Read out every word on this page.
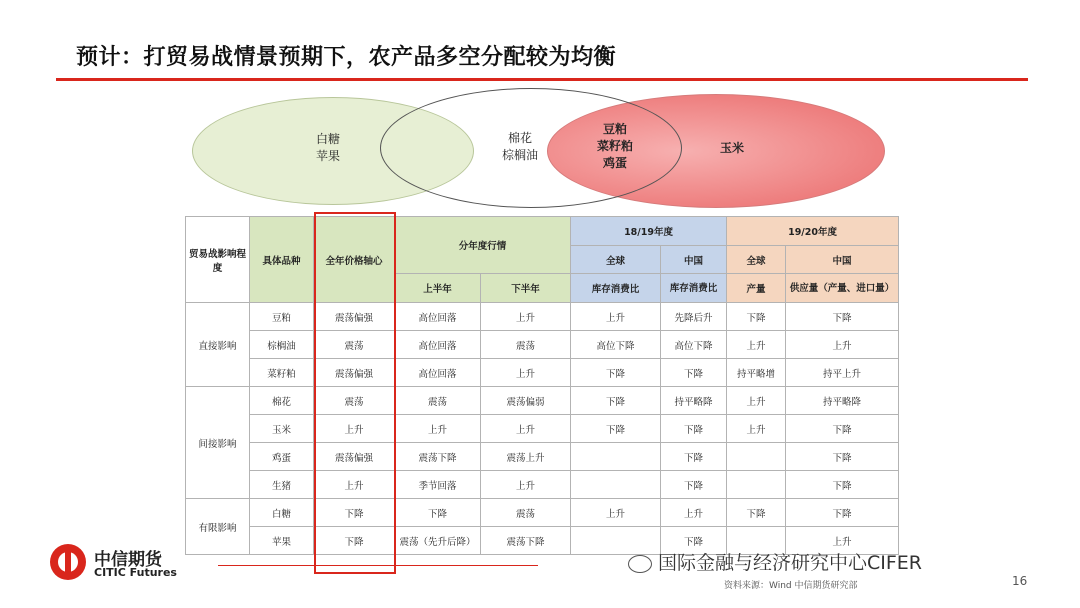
预计：打贸易战情景预期下，农产品多空分配较为均衡
白糖
苹果
棉花
棕榈油
豆粕
菜籽粕
鸡蛋
玉米
贸易战影响程度	具体品种	全年价格轴心	分年度行情		18/19年度		19/20年度	
					全球	中国	全球	中国
			上半年	下半年	库存消费比	库存消费比	产量	供应量（产量、进口量）
直接影响	豆粕	震荡偏强	高位回落	上升	上升	先降后升	下降	下降
	棕榈油	震荡	高位回落	震荡	高位下降	高位下降	上升	上升
	菜籽粕	震荡偏强	高位回落	上升	下降	下降	持平略增	持平上升
间接影响	棉花	震荡	震荡	震荡偏弱	下降	持平略降	上升	持平略降
	玉米	上升	上升	上升	下降	下降	上升	下降
	鸡蛋	震荡偏强	震荡下降	震荡上升		下降		下降
	生猪	上升	季节回落	上升		下降		下降
有限影响	白糖	下降	下降	震荡	上升	上升	下降	下降
	苹果	下降	震荡（先升后降）	震荡下降		下降		上升
中信期货
CITIC Futures	国际金融与经济研究中心CIFER
资料来源：Wind 中信期货研究部	16
